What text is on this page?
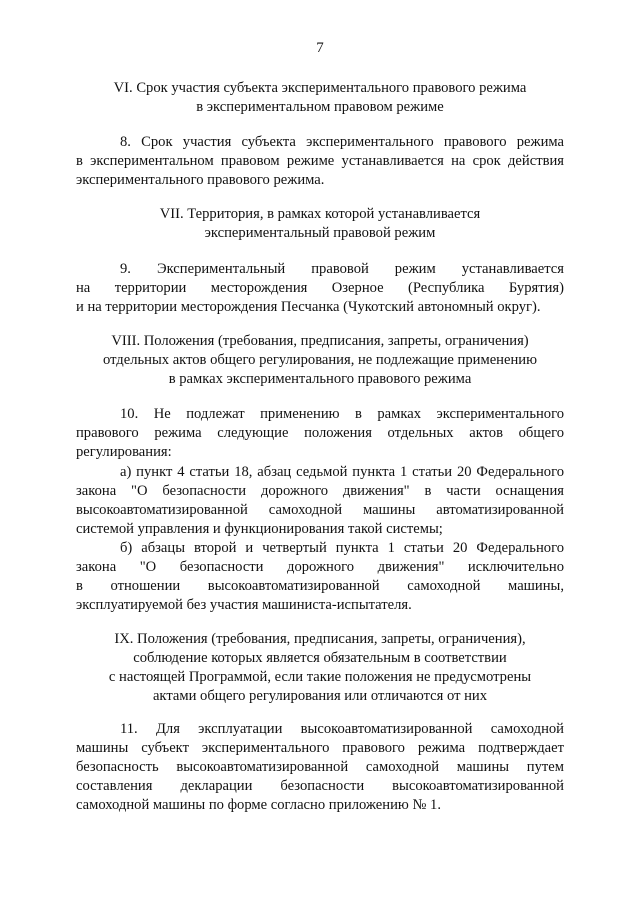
7
VI. Срок участия субъекта экспериментального правового режима
в экспериментальном правовом режиме
8. Срок участия субъекта экспериментального правового режима
в экспериментальном правовом режиме устанавливается на срок действия
экспериментального правового режима.
VII. Территория, в рамках которой устанавливается
экспериментальный правовой режим
9. Экспериментальный правовой режим устанавливается
на территории месторождения Озерное (Республика Бурятия)
и на территории месторождения Песчанка (Чукотский автономный округ).
VIII. Положения (требования, предписания, запреты, ограничения)
отдельных актов общего регулирования, не подлежащие применению
в рамках экспериментального правового режима
10. Не подлежат применению в рамках экспериментального
правового режима следующие положения отдельных актов общего
регулирования:
а) пункт 4 статьи 18, абзац седьмой пункта 1 статьи 20 Федерального
закона "О безопасности дорожного движения" в части оснащения
высокоавтоматизированной самоходной машины автоматизированной
системой управления и функционирования такой системы;
б) абзацы второй и четвертый пункта 1 статьи 20 Федерального
закона "О безопасности дорожного движения" исключительно
в отношении высокоавтоматизированной самоходной машины,
эксплуатируемой без участия машиниста-испытателя.
IX. Положения (требования, предписания, запреты, ограничения),
соблюдение которых является обязательным в соответствии
с настоящей Программой, если такие положения не предусмотрены
актами общего регулирования или отличаются от них
11. Для эксплуатации высокоавтоматизированной самоходной
машины субъект экспериментального правового режима подтверждает
безопасность высокоавтоматизированной самоходной машины путем
составления декларации безопасности высокоавтоматизированной
самоходной машины по форме согласно приложению № 1.
